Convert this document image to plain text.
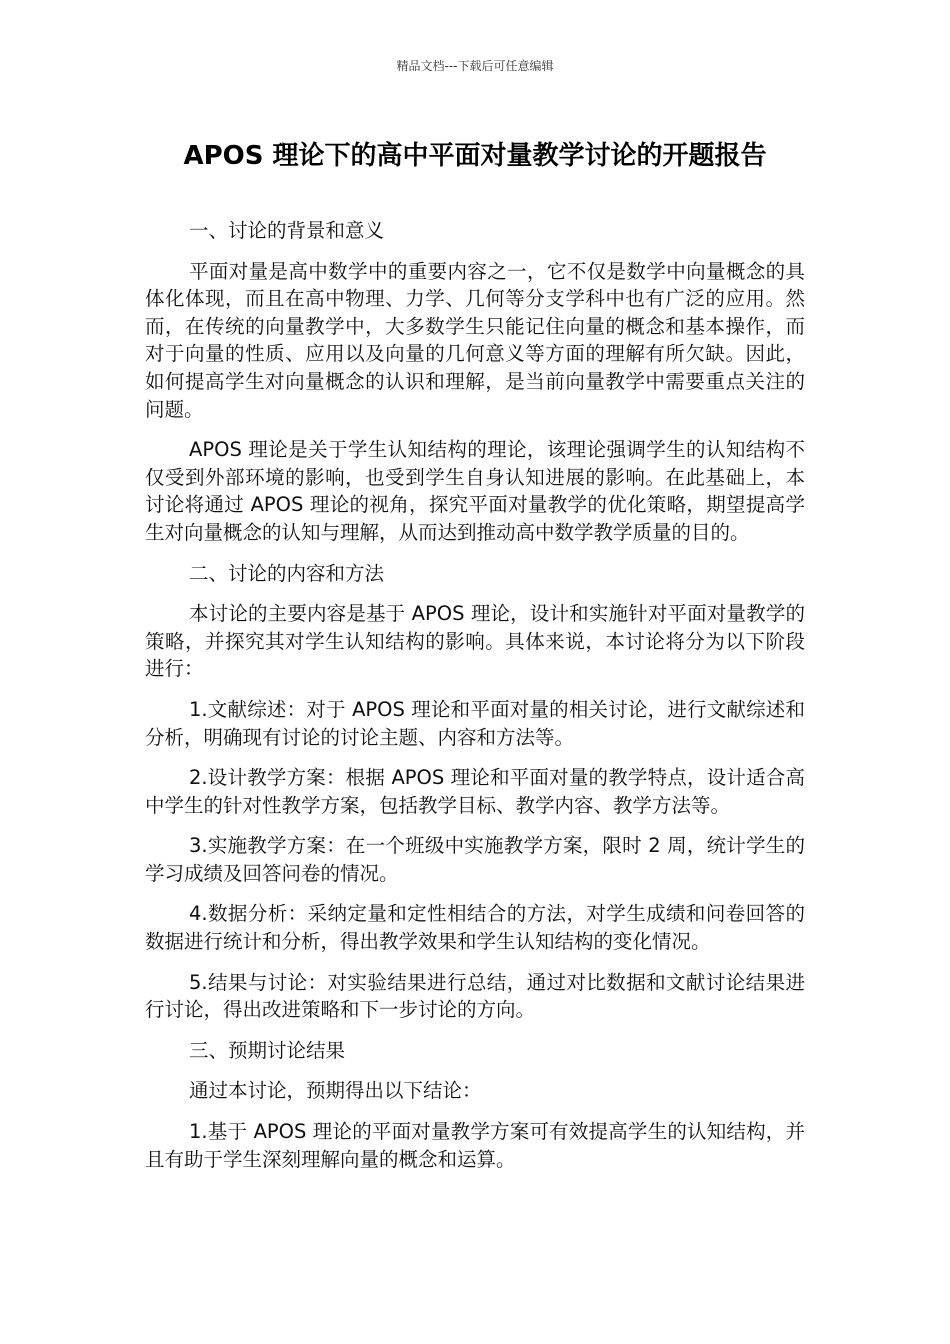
精品文档---下载后可任意编辑
APOS 理论下的高中平面对量教学讨论的开题报告

一、讨论的背景和意义

平面对量是高中数学中的重要内容之一，它不仅是数学中向量概念的具体化体现，而且在高中物理、力学、几何等分支学科中也有广泛的应用。然而，在传统的向量教学中，大多数学生只能记住向量的概念和基本操作，而对于向量的性质、应用以及向量的几何意义等方面的理解有所欠缺。因此，如何提高学生对向量概念的认识和理解，是当前向量教学中需要重点关注的问题。

APOS 理论是关于学生认知结构的理论，该理论强调学生的认知结构不仅受到外部环境的影响，也受到学生自身认知进展的影响。在此基础上，本讨论将通过 APOS 理论的视角，探究平面对量教学的优化策略，期望提高学生对向量概念的认知与理解，从而达到推动高中数学教学质量的目的。

二、讨论的内容和方法

本讨论的主要内容是基于 APOS 理论，设计和实施针对平面对量教学的策略，并探究其对学生认知结构的影响。具体来说，本讨论将分为以下阶段进行：

1.文献综述：对于 APOS 理论和平面对量的相关讨论，进行文献综述和分析，明确现有讨论的讨论主题、内容和方法等。

2.设计教学方案：根据 APOS 理论和平面对量的教学特点，设计适合高中学生的针对性教学方案，包括教学目标、教学内容、教学方法等。

3.实施教学方案：在一个班级中实施教学方案，限时 2 周，统计学生的学习成绩及回答问卷的情况。

4.数据分析：采纳定量和定性相结合的方法，对学生成绩和问卷回答的数据进行统计和分析，得出教学效果和学生认知结构的变化情况。

5.结果与讨论：对实验结果进行总结，通过对比数据和文献讨论结果进行讨论，得出改进策略和下一步讨论的方向。

三、预期讨论结果

通过本讨论，预期得出以下结论：

1.基于 APOS 理论的平面对量教学方案可有效提高学生的认知结构，并且有助于学生深刻理解向量的概念和运算。
